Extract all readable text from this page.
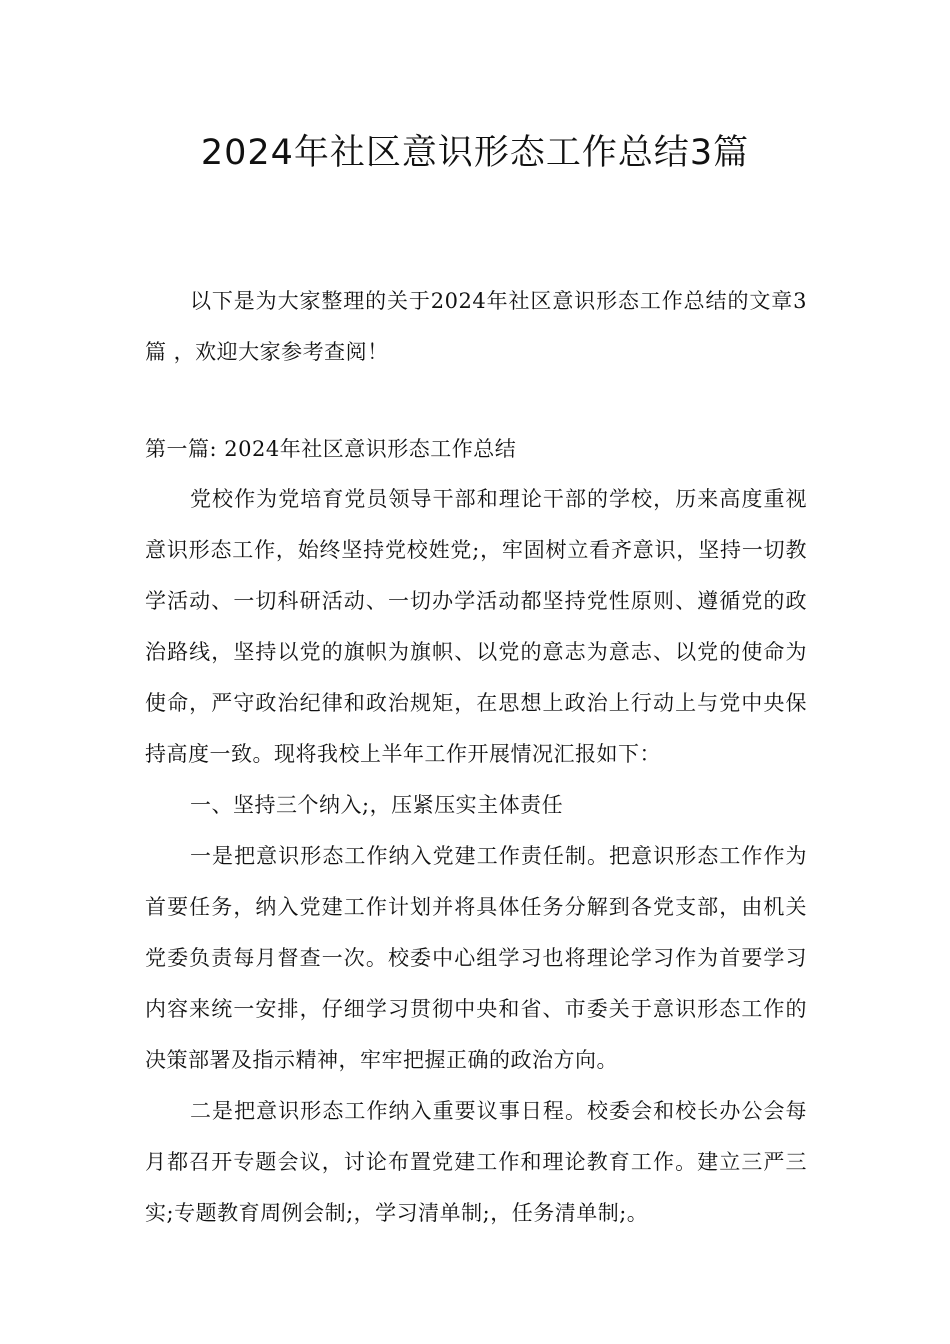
2024年社区意识形态工作总结3篇

以下是为大家整理的关于2024年社区意识形态工作总结的文章3篇 ，欢迎大家参考查阅！

第一篇: 2024年社区意识形态工作总结

党校作为党培育党员领导干部和理论干部的学校，历来高度重视意识形态工作，始终坚持党校姓党;，牢固树立看齐意识，坚持一切教学活动、一切科研活动、一切办学活动都坚持党性原则、遵循党的政治路线，坚持以党的旗帜为旗帜、以党的意志为意志、以党的使命为使命，严守政治纪律和政治规矩，在思想上政治上行动上与党中央保持高度一致。现将我校上半年工作开展情况汇报如下：

一、坚持三个纳入;，压紧压实主体责任

一是把意识形态工作纳入党建工作责任制。把意识形态工作作为首要任务，纳入党建工作计划并将具体任务分解到各党支部，由机关党委负责每月督查一次。校委中心组学习也将理论学习作为首要学习内容来统一安排，仔细学习贯彻中央和省、市委关于意识形态工作的决策部署及指示精神，牢牢把握正确的政治方向。

二是把意识形态工作纳入重要议事日程。校委会和校长办公会每月都召开专题会议，讨论布置党建工作和理论教育工作。建立三严三实;专题教育周例会制;，学习清单制;，任务清单制;。
